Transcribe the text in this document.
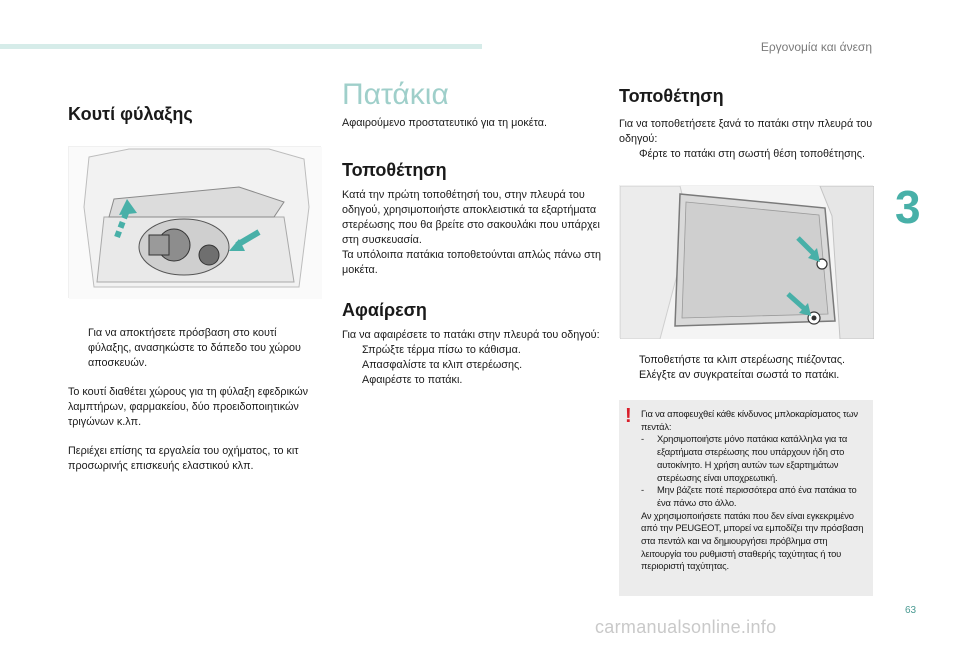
Εργονομία και άνεση
3
Κουτί φύλαξης
Για να αποκτήσετε πρόσβαση στο κουτί φύλαξης, ανασηκώστε το δάπεδο του χώρου αποσκευών.

Το κουτί διαθέτει χώρους για τη φύλαξη εφεδρικών λαμπτήρων, φαρμακείου, δύο προειδοποιητικών τριγώνων κ.λπ.

Περιέχει επίσης τα εργαλεία του οχήματος, το κιτ προσωρινής επισκευής ελαστικού κλπ.

Πατάκια

Αφαιρούμενο προστατευτικό για τη μοκέτα.

Τοποθέτηση

Κατά την πρώτη τοποθέτησή του, στην πλευρά του οδηγού, χρησιμοποιήστε αποκλειστικά τα εξαρτήματα στερέωσης που θα βρείτε στο σακουλάκι που υπάρχει στη συσκευασία.

Τα υπόλοιπα πατάκια τοποθετούνται απλώς πάνω στη μοκέτα.

Αφαίρεση

Για να αφαιρέσετε το πατάκι στην πλευρά του οδηγού:

Σπρώξτε τέρμα πίσω το κάθισμα.
Απασφαλίστε τα κλιπ στερέωσης.
Αφαιρέστε το πατάκι.
Τοποθέτηση

Για να τοποθετήσετε ξανά το πατάκι στην πλευρά του οδηγού:

Φέρτε το πατάκι στη σωστή θέση τοποθέτησης.
Τοποθετήστε τα κλιπ στερέωσης πιέζοντας.
Ελέγξτε αν συγκρατείται σωστά το πατάκι.
! Για να αποφευχθεί κάθε κίνδυνος μπλοκαρίσματος των πεντάλ:

- Χρησιμοποιήστε μόνο πατάκια κατάλληλα για τα εξαρτήματα στερέωσης που υπάρχουν ήδη στο αυτοκίνητο. Η χρήση αυτών των εξαρτημάτων στερέωσης είναι υποχρεωτική.
- Μην βάζετε ποτέ περισσότερα από ένα πατάκια το ένα πάνω στο άλλο.

Αν χρησιμοποιήσετε πατάκι που δεν είναι εγκεκριμένο από την PEUGEOT, μπορεί να εμποδίζει την πρόσβαση στα πεντάλ και να δημιουργήσει πρόβλημα στη λειτουργία του ρυθμιστή σταθερής ταχύτητας ή του περιοριστή ταχύτητας.

63
carmanualsonline.info
